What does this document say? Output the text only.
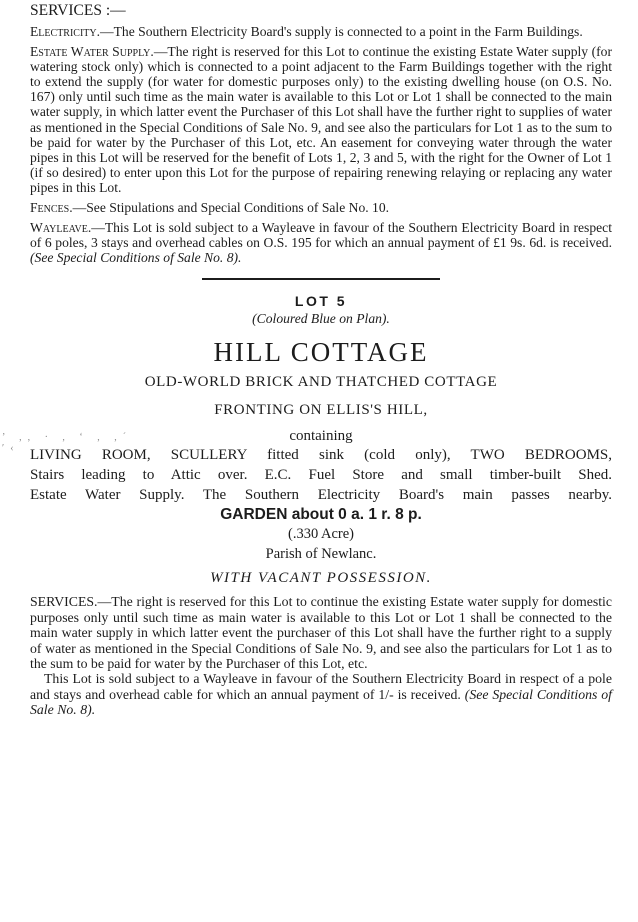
’ ,, · , ‘ , ,´ ′‹
SERVICES :—

Electricity.—The Southern Electricity Board's supply is connected to a point in the Farm Buildings.

Estate Water Supply.—The right is reserved for this Lot to continue the existing Estate Water supply (for watering stock only) which is connected to a point adjacent to the Farm Buildings together with the right to extend the supply (for water for domestic purposes only) to the existing dwelling house (on O.S. No. 167) only until such time as the main water is available to this Lot or Lot 1 shall be connected to the main water supply, in which latter event the Purchaser of this Lot shall have the further right to supplies of water as mentioned in the Special Conditions of Sale No. 9, and see also the particulars for Lot 1 as to the sum to be paid for water by the Purchaser of this Lot, etc. An easement for conveying water through the water pipes in this Lot will be reserved for the benefit of Lots 1, 2, 3 and 5, with the right for the Owner of Lot 1 (if so desired) to enter upon this Lot for the purpose of repairing renewing relaying or replacing any water pipes in this Lot.

Fences.—See Stipulations and Special Conditions of Sale No. 10.

Wayleave.—This Lot is sold subject to a Wayleave in favour of the Southern Electricity Board in respect of 6 poles, 3 stays and overhead cables on O.S. 195 for which an annual payment of £1 9s. 6d. is received. (See Special Conditions of Sale No. 8).

LOT 5
(Coloured Blue on Plan).
HILL COTTAGE
OLD-WORLD BRICK AND THATCHED COTTAGE
FRONTING ON ELLIS'S HILL,
containing
LIVING ROOM, SCULLERY fitted sink (cold only), TWO BEDROOMS,
Stairs leading to Attic over. E.C. Fuel Store and small timber-built Shed.
Estate Water Supply. The Southern Electricity Board's main passes nearby.
GARDEN about 0 a. 1 r. 8 p.
(.330 Acre)
Parish of Newlanc.
WITH VACANT POSSESSION.

SERVICES.—The right is reserved for this Lot to continue the existing Estate water supply for domestic purposes only until such time as main water is available to this Lot or Lot 1 shall be connected to the main water supply in which latter event the purchaser of this Lot shall have the further right to a supply of water as mentioned in the Special Conditions of Sale No. 9, and see also the particulars for Lot 1 as to the sum to be paid for water by the Purchaser of this Lot, etc.

This Lot is sold subject to a Wayleave in favour of the Southern Electricity Board in respect of a pole and stays and overhead cable for which an annual payment of 1/- is received. (See Special Conditions of Sale No. 8).
